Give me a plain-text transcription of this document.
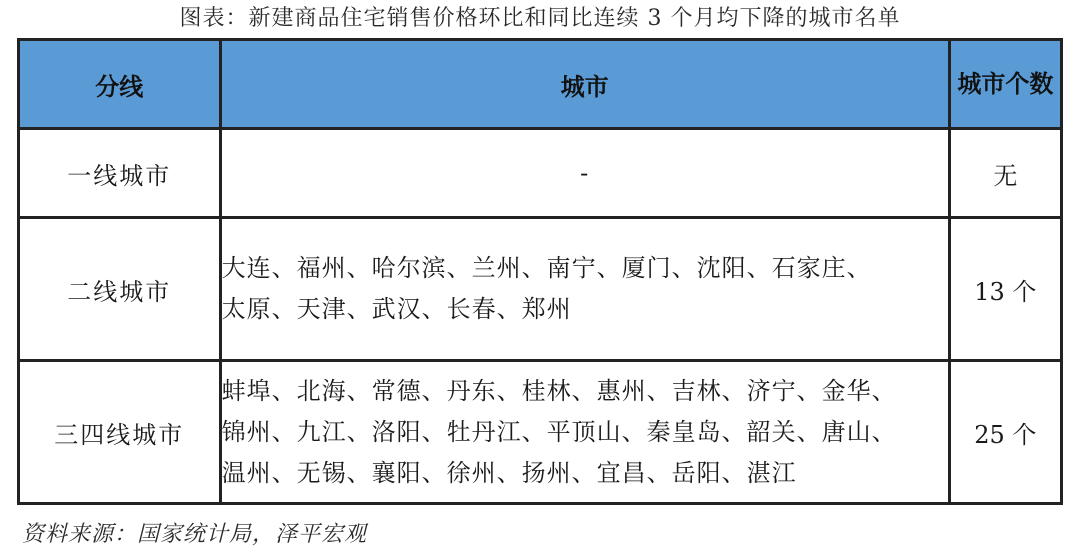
图表：新建商品住宅销售价格环比和同比连续 3 个月均下降的城市名单
分线	城市	城市个数
一线城市	-	无
二线城市	大连、福州、哈尔滨、兰州、南宁、厦门、沈阳、石家庄、
太原、天津、武汉、长春、郑州	13 个
三四线城市	蚌埠、北海、常德、丹东、桂林、惠州、吉林、济宁、金华、
锦州、九江、洛阳、牡丹江、平顶山、秦皇岛、韶关、唐山、
温州、无锡、襄阳、徐州、扬州、宜昌、岳阳、湛江	25 个
资料来源：国家统计局，泽平宏观
